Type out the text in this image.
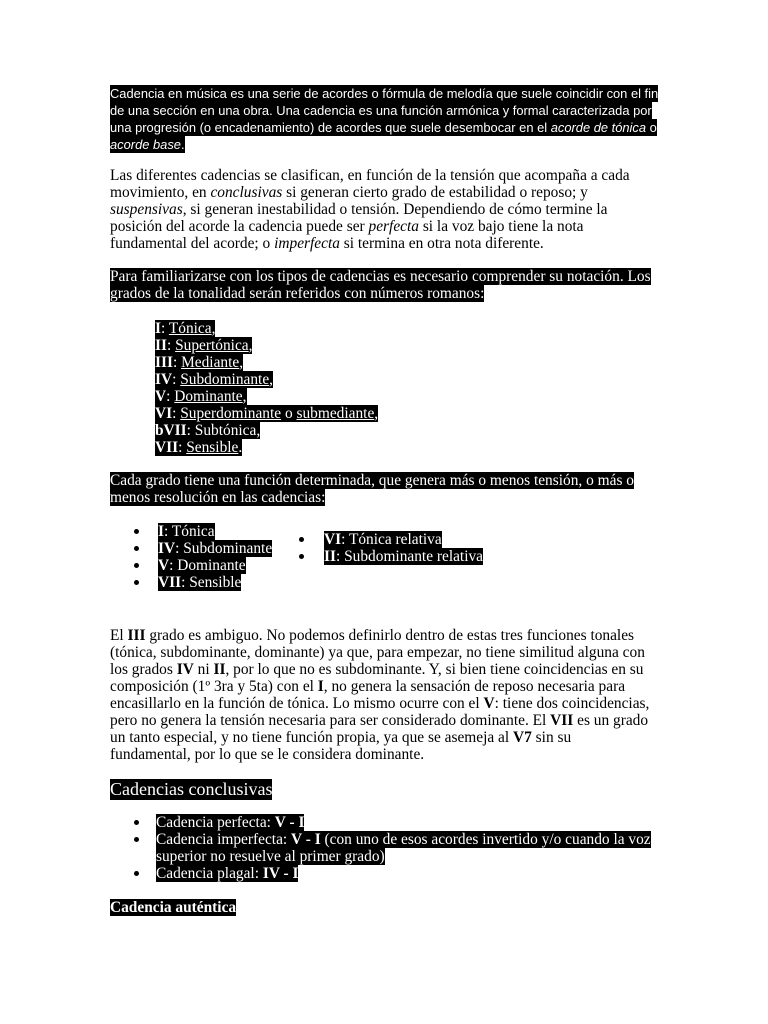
Cadencia en música es una serie de acordes o fórmula de melodía que suele coincidir con el fin
de una sección en una obra. Una cadencia es una función armónica y formal caracterizada por
una progresión (o encadenamiento) de acordes que suele desembocar en el acorde de tónica o
acorde base.
Las diferentes cadencias se clasifican, en función de la tensión que acompaña a cada
movimiento, en conclusivas si generan cierto grado de estabilidad o reposo; y
suspensivas, si generan inestabilidad o tensión. Dependiendo de cómo termine la
posición del acorde la cadencia puede ser perfecta si la voz bajo tiene la nota
fundamental del acorde; o imperfecta si termina en otra nota diferente.
Para familiarizarse con los tipos de cadencias es necesario comprender su notación. Los
grados de la tonalidad serán referidos con números romanos:
I: Tónica,
II: Supertónica,
III: Mediante,
IV: Subdominante,
V: Dominante,
VI: Superdominante o submediante,
bVII: Subtónica,
VII: Sensible.
Cada grado tiene una función determinada, que genera más o menos tensión, o más o
menos resolución en las cadencias:
I: Tónica
IV: Subdominante
V: Dominante
VII: Sensible
VI: Tónica relativa
II: Subdominante relativa
El III grado es ambiguo. No podemos definirlo dentro de estas tres funciones tonales
(tónica, subdominante, dominante) ya que, para empezar, no tiene similitud alguna con
los grados IV ni II, por lo que no es subdominante. Y, si bien tiene coincidencias en su
composición (1º 3ra y 5ta) con el I, no genera la sensación de reposo necesaria para
encasillarlo en la función de tónica. Lo mismo ocurre con el V: tiene dos coincidencias,
pero no genera la tensión necesaria para ser considerado dominante. El VII es un grado
un tanto especial, y no tiene función propia, ya que se asemeja al V7 sin su
fundamental, por lo que se le considera dominante.
Cadencias conclusivas
Cadencia perfecta: V - I
Cadencia imperfecta: V - I (con uno de esos acordes invertido y/o cuando la voz
superior no resuelve al primer grado)
Cadencia plagal: IV - I
Cadencia auténtica
